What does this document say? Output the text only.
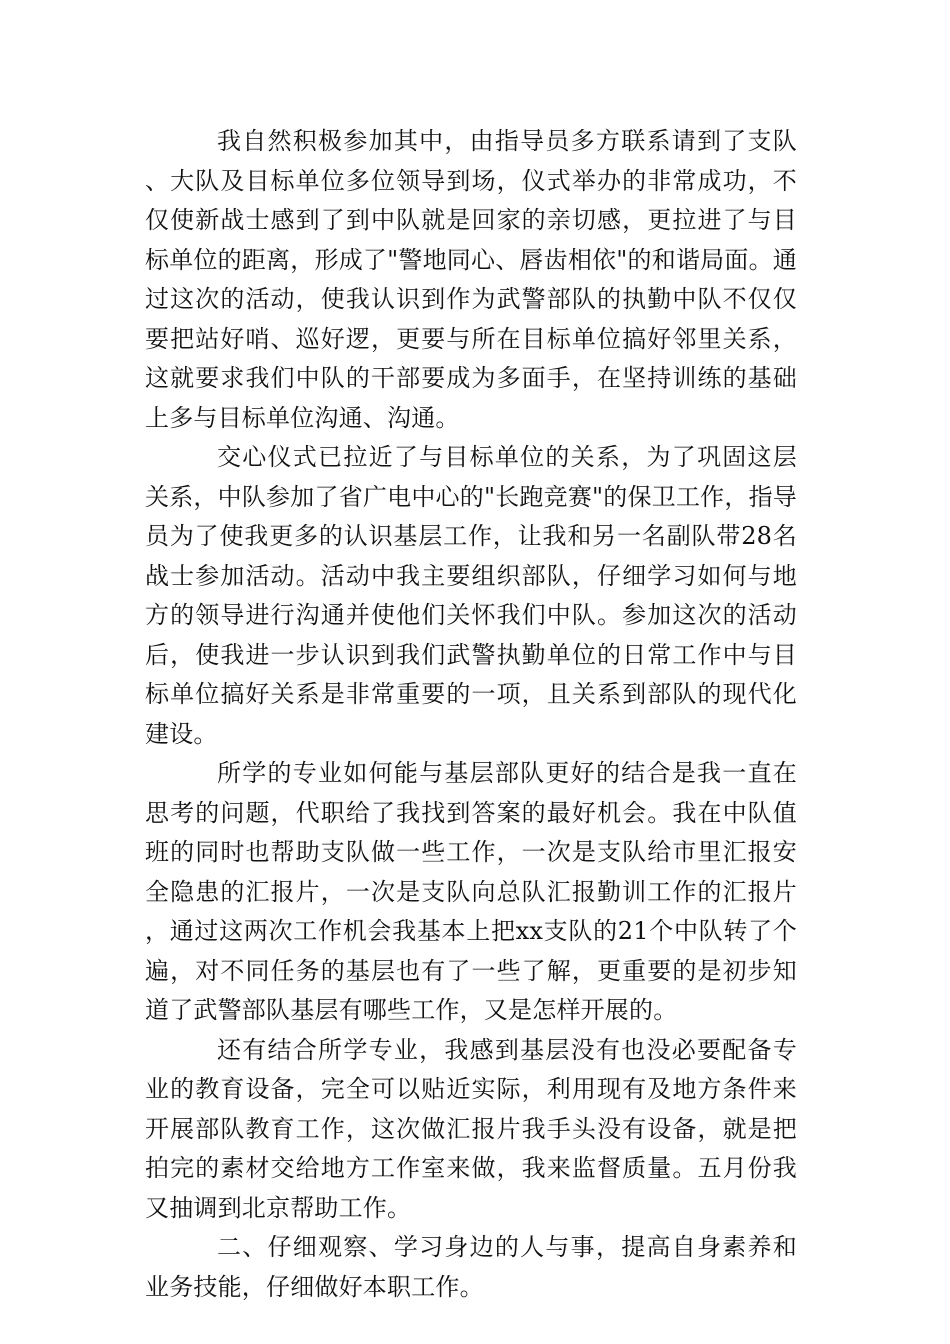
我自然积极参加其中，由指导员多方联系请到了支队、大队及目标单位多位领导到场，仪式举办的非常成功，不仅使新战士感到了到中队就是回家的亲切感，更拉进了与目标单位的距离，形成了"警地同心、唇齿相依"的和谐局面。通过这次的活动，使我认识到作为武警部队的执勤中队不仅仅要把站好哨、巡好逻，更要与所在目标单位搞好邻里关系，这就要求我们中队的干部要成为多面手，在坚持训练的基础上多与目标单位沟通、沟通。

交心仪式已拉近了与目标单位的关系，为了巩固这层关系，中队参加了省广电中心的"长跑竞赛"的保卫工作，指导员为了使我更多的认识基层工作，让我和另一名副队带28名战士参加活动。活动中我主要组织部队，仔细学习如何与地方的领导进行沟通并使他们关怀我们中队。参加这次的活动后，使我进一步认识到我们武警执勤单位的日常工作中与目标单位搞好关系是非常重要的一项，且关系到部队的现代化建设。

所学的专业如何能与基层部队更好的结合是我一直在思考的问题，代职给了我找到答案的最好机会。我在中队值班的同时也帮助支队做一些工作，一次是支队给市里汇报安全隐患的汇报片，一次是支队向总队汇报勤训工作的汇报片，通过这两次工作机会我基本上把xx支队的21个中队转了个遍，对不同任务的基层也有了一些了解，更重要的是初步知道了武警部队基层有哪些工作，又是怎样开展的。

还有结合所学专业，我感到基层没有也没必要配备专业的教育设备，完全可以贴近实际，利用现有及地方条件来开展部队教育工作，这次做汇报片我手头没有设备，就是把拍完的素材交给地方工作室来做，我来监督质量。五月份我又抽调到北京帮助工作。

二、仔细观察、学习身边的人与事，提高自身素养和业务技能，仔细做好本职工作。
